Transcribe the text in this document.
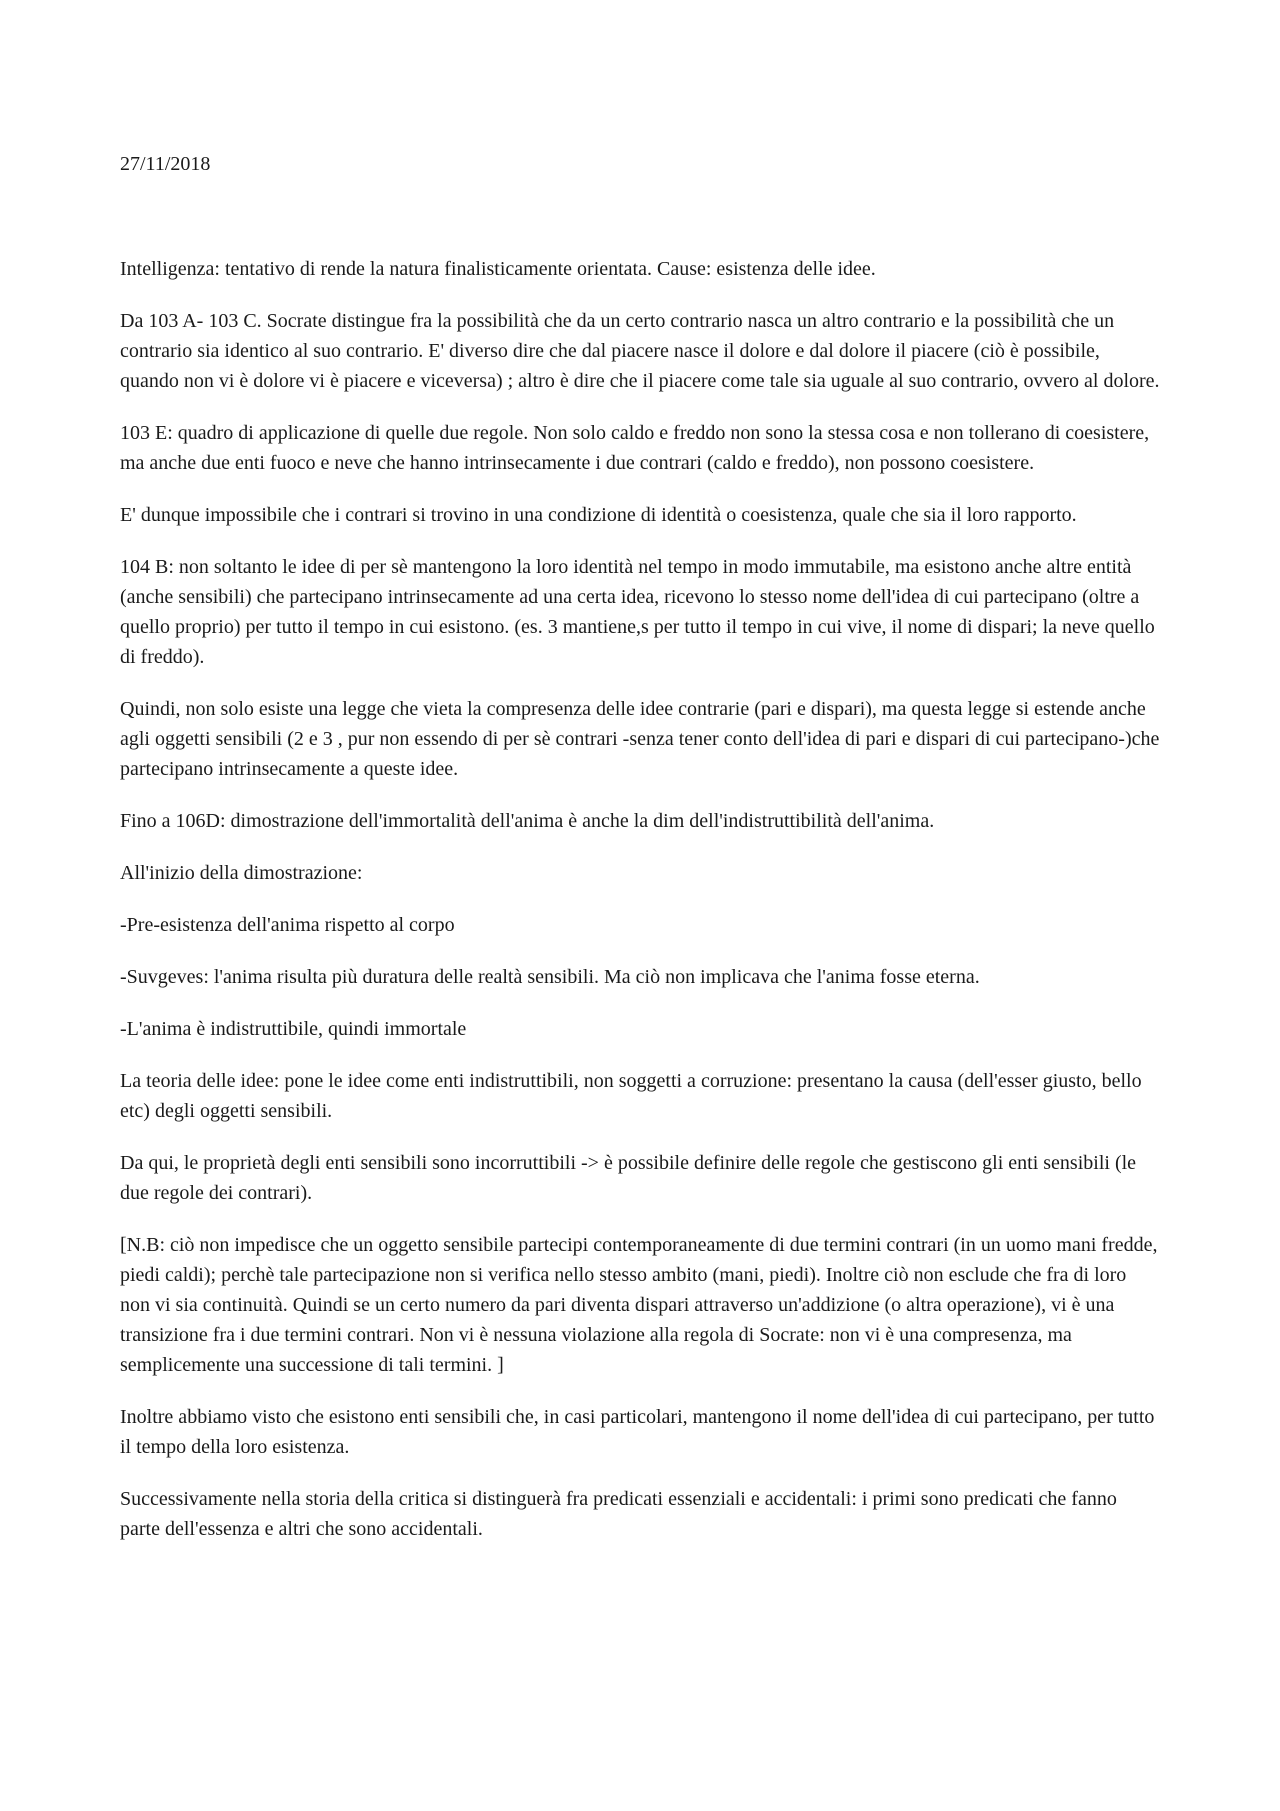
27/11/2018

Intelligenza: tentativo di rende la natura finalisticamente orientata. Cause: esistenza delle idee.

Da 103 A- 103 C. Socrate distingue fra la possibilità che da un certo contrario nasca un altro contrario e la possibilità che un contrario sia identico al suo contrario. E' diverso dire che dal piacere nasce il dolore e dal dolore il piacere (ciò è possibile, quando non vi è dolore vi è piacere e viceversa) ; altro è dire che il piacere come tale sia uguale al suo contrario, ovvero al dolore.

103 E: quadro di applicazione di quelle due regole. Non solo caldo e freddo non sono la stessa cosa e non tollerano di coesistere, ma anche due enti fuoco e neve che hanno intrinsecamente i due contrari (caldo e freddo), non possono coesistere.

E' dunque impossibile che i contrari si trovino in una condizione di identità o coesistenza, quale che sia il loro rapporto.

104 B: non soltanto le idee di per sè mantengono la loro identità nel tempo in modo immutabile, ma esistono anche altre entità (anche sensibili) che partecipano intrinsecamente ad una certa idea, ricevono lo stesso nome dell'idea di cui partecipano (oltre a quello proprio) per tutto il tempo in cui esistono. (es. 3 mantiene,s per tutto il tempo in cui vive, il nome di dispari; la neve quello di freddo).

Quindi, non solo esiste una legge che vieta la compresenza delle idee contrarie (pari e dispari), ma questa legge si estende anche agli oggetti sensibili (2 e 3 , pur non essendo di per sè contrari -senza tener conto dell'idea di pari e dispari di cui partecipano-)che partecipano intrinsecamente a queste idee.

Fino a 106D: dimostrazione dell'immortalità dell'anima è anche la dim dell'indistruttibilità dell'anima.

All'inizio della dimostrazione:

-Pre-esistenza dell'anima rispetto al corpo

-Suvgeves: l'anima risulta più duratura delle realtà sensibili. Ma ciò non implicava che l'anima fosse eterna.

-L'anima è indistruttibile, quindi immortale

La teoria delle idee: pone le idee come enti indistruttibili, non soggetti a corruzione: presentano la causa (dell'esser giusto, bello etc) degli oggetti sensibili.

Da qui, le proprietà degli enti sensibili sono incorruttibili -> è possibile definire delle regole che gestiscono gli enti sensibili (le due regole dei contrari).

[N.B: ciò non impedisce che un oggetto sensibile partecipi contemporaneamente di due termini contrari (in un uomo mani fredde, piedi caldi); perchè tale partecipazione non si verifica nello stesso ambito (mani, piedi). Inoltre ciò non esclude che fra di loro non vi sia continuità. Quindi se un certo numero da pari diventa dispari attraverso un'addizione (o altra operazione), vi è una transizione fra i due termini contrari. Non vi è nessuna violazione alla regola di Socrate: non vi è una compresenza, ma semplicemente una successione di tali termini. ]

Inoltre abbiamo visto che esistono enti sensibili che, in casi particolari, mantengono il nome dell'idea di cui partecipano, per tutto il tempo della loro esistenza.

Successivamente nella storia della critica si distinguerà fra predicati essenziali e accidentali: i primi sono predicati che fanno parte dell'essenza e altri che sono accidentali.
